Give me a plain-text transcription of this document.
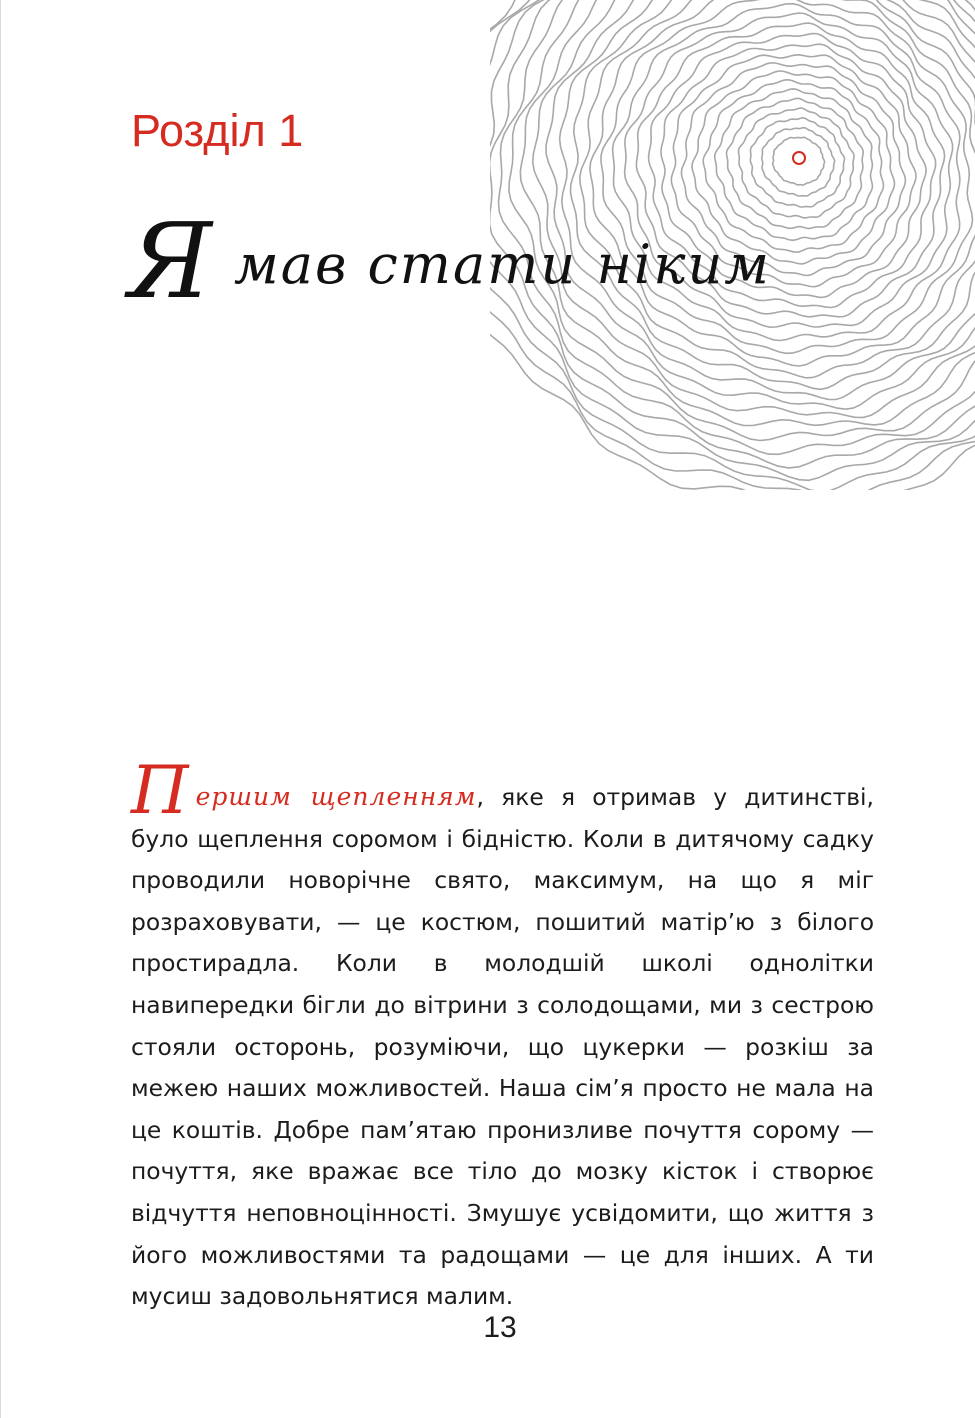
Розділ 1
Ямав стати ніким

Першим щепленням, яке я отримав у дитинстві, було щеплення соромом і бідністю. Коли в дитячому садку проводили новорічне свято, максимум, на що я міг розраховувати, — це костюм, пошитий матір’ю з білого простирадла. Коли в молодшій школі однолітки навипередки бігли до вітрини з солодощами, ми з сестрою стояли осторонь, розуміючи, що цукерки — розкіш за межею наших можливостей. Наша сім’я просто не мала на це коштів. Добре пам’ятаю пронизливе почуття сорому — почуття, яке вражає все тіло до мозку кісток і створює відчуття неповноцінності. Змушує усвідомити, що життя з його можливостями та радощами — це для інших. А ти мусиш задовольнятися малим.

13
